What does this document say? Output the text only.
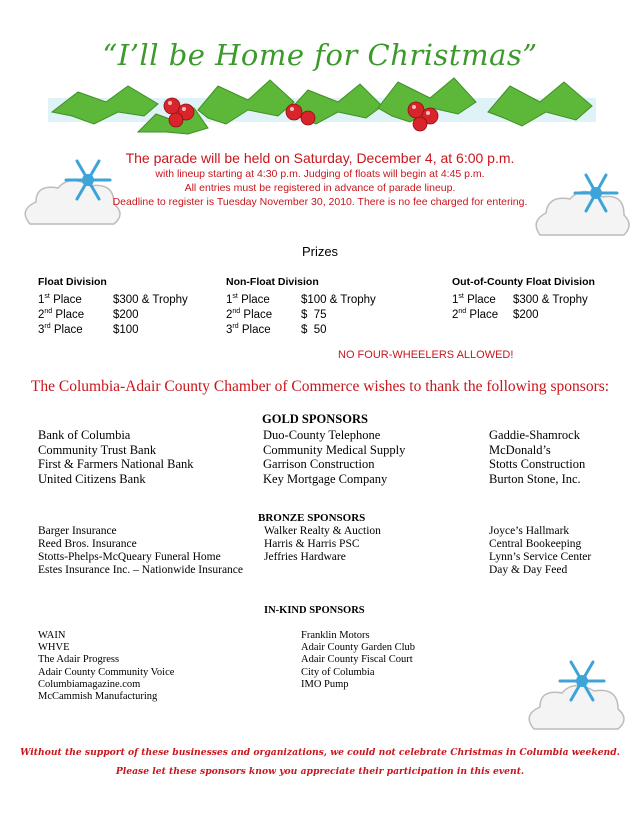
“I’ll be Home for Christmas”
The parade will be held on Saturday, December 4, at 6:00 p.m.
with lineup starting at 4:30 p.m. Judging of floats will begin at 4:45 p.m.
All entries must be registered in advance of parade lineup.
Deadline to register is Tuesday November 30, 2010. There is no fee charged for entering.
Prizes
Float Division
1st Place	$300 & Trophy
2nd Place	$200
3rd Place	$100
Non-Float Division
1st Place	$100 & Trophy
2nd Place	$  75
3rd Place	$  50
Out-of-County Float Division
1st Place	$300 & Trophy
2nd Place	$200
NO FOUR-WHEELERS ALLOWED!
The Columbia-Adair County Chamber of Commerce wishes to thank the following sponsors:
GOLD SPONSORS
Bank of Columbia
Community Trust Bank
First & Farmers National Bank
United Citizens Bank
Duo-County Telephone
Community Medical Supply
Garrison Construction
Key Mortgage Company
Gaddie-Shamrock
McDonald’s
Stotts Construction
Burton Stone, Inc.
BRONZE SPONSORS
Barger Insurance
Reed Bros. Insurance
Stotts-Phelps-McQueary Funeral Home
Estes Insurance Inc. – Nationwide Insurance
Walker Realty & Auction
Harris & Harris PSC
Jeffries Hardware
Joyce’s Hallmark
Central Bookeeping
Lynn’s Service Center
Day & Day Feed
IN-KIND SPONSORS
WAIN
WHVE
The Adair Progress
Adair County Community Voice
Columbiamagazine.com
McCammish Manufacturing
Franklin Motors
Adair County Garden Club
Adair County Fiscal Court
City of Columbia
IMO Pump
Without the support of these businesses and organizations, we could not celebrate Christmas in Columbia weekend.
Please let these sponsors know you appreciate their participation in this event.
